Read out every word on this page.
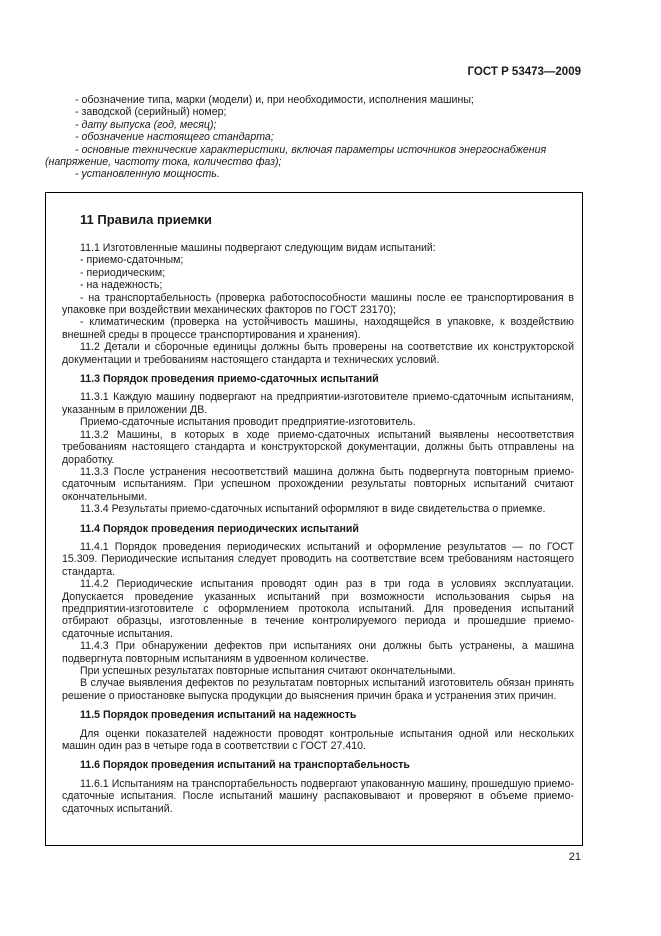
ГОСТ Р 53473—2009

- обозначение типа, марки (модели) и, при необходимости, исполнения машины;

- заводской (серийный) номер;

- дату выпуска (год, месяц);

- обозначение настоящего стандарта;

- основные технические характеристики, включая параметры источников энергоснабжения

(напряжение, частоту тока, количество фаз);

- установленную мощность.

11 Правила приемки

11.1 Изготовленные машины подвергают следующим видам испытаний:

- приемо-сдаточным;

- периодическим;

- на надежность;

- на транспортабельность (проверка работоспособности машины после ее транспортирования в упаковке при воздействии механических факторов по ГОСТ 23170);

- климатическим (проверка на устойчивость машины, находящейся в упаковке, к воздействию внешней среды в процессе транспортирования и хранения).

11.2 Детали и сборочные единицы должны быть проверены на соответствие их конструкторской документации и требованиям настоящего стандарта и технических условий.

11.3 Порядок проведения приемо-сдаточных испытаний

11.3.1 Каждую машину подвергают на предприятии-изготовителе приемо-сдаточным испытаниям, указанным в приложении ДВ.

Приемо-сдаточные испытания проводит предприятие-изготовитель.

11.3.2 Машины, в которых в ходе приемо-сдаточных испытаний выявлены несоответствия требованиям настоящего стандарта и конструкторской документации, должны быть отправлены на доработку.

11.3.3 После устранения несоответствий машина должна быть подвергнута повторным приемо-сдаточным испытаниям. При успешном прохождении результаты повторных испытаний считают окончательными.

11.3.4 Результаты приемо-сдаточных испытаний оформляют в виде свидетельства о приемке.

11.4 Порядок проведения периодических испытаний

11.4.1 Порядок проведения периодических испытаний и оформление результатов — по ГОСТ 15.309. Периодические испытания следует проводить на соответствие всем требованиям настоящего стандарта.

11.4.2 Периодические испытания проводят один раз в три года в условиях эксплуатации. Допускается проведение указанных испытаний при возможности использования сырья на предприятии-изготовителе с оформлением протокола испытаний. Для проведения испытаний отбирают образцы, изготовленные в течение контролируемого периода и прошедшие приемо-сдаточные испытания.

11.4.3 При обнаружении дефектов при испытаниях они должны быть устранены, а машина подвергнута повторным испытаниям в удвоенном количестве.

При успешных результатах повторные испытания считают окончательными.

В случае выявления дефектов по результатам повторных испытаний изготовитель обязан принять решение о приостановке выпуска продукции до выяснения причин брака и устранения этих причин.

11.5 Порядок проведения испытаний на надежность

Для оценки показателей надежности проводят контрольные испытания одной или нескольких машин один раз в четыре года в соответствии с ГОСТ 27.410.

11.6 Порядок проведения испытаний на транспортабельность

11.6.1 Испытаниям на транспортабельность подвергают упакованную машину, прошедшую приемо-сдаточные испытания. После испытаний машину распаковывают и проверяют в объеме приемо-сдаточных испытаний.

21
